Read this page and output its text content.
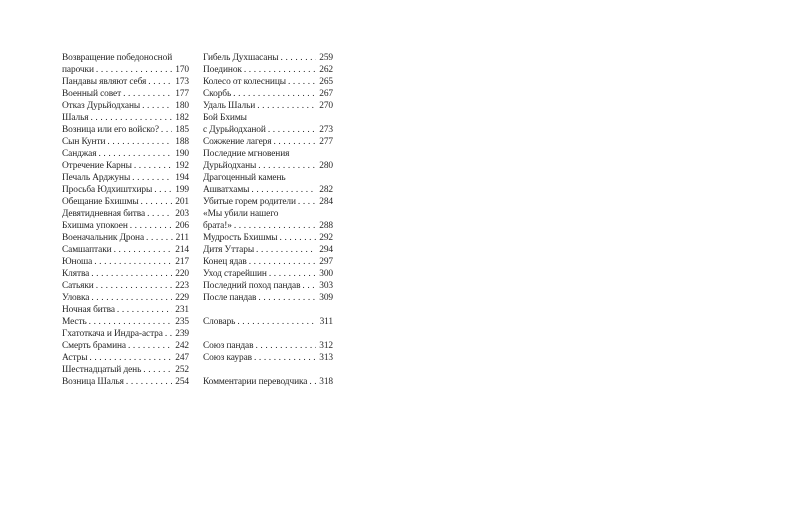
Возвращение победоносной
парочки .....	170
Пандавы являют себя .....	173
Военный совет .....	177
Отказ Дурьйодханы .....	180
Шалья .....	182
Возница или его войско? ..... 185
Сын Кунти .....	188
Санджая .....	190
Отречение Карны .....	192
Печаль Арджуны .....	194
Просьба Юдхиштхиры ..... 199
Обещание Бхишмы .....	201
Девятидневная битва .....	203
Бхишма упокоен .....	206
Военачальник Дрона .....	211
Самшаптаки .....	214
Юноша .....	217
Клятва .....	220
Сатьяки .....	223
Уловка .....	229
Ночная битва .....	231
Месть .....	235
Гхатоткача и Индра-астра ..... 239
Смерть брамина .....	242
Астры .....	247
Шестнадцатый день .....	252
Возница Шалья .....	254
Гибель Духшасаны .....	259
Поединок .....	262
Колесо от колесницы .....	265
Скорбь .....	267
Удаль Шальи .....	270
Бой Бхимы
с Дурьйодханой .....	273
Сожжение лагеря .....	277
Последние мгновения
Дурьйодханы .....	280
Драгоценный камень
Ашватхамы .....	282
Убитые горем родители ..... 284
«Мы убили нашего
брата!» .....	288
Мудрость Бхишмы .....	292
Дитя Уттары .....	294
Конец ядав .....	297
Уход старейшин .....	300
Последний поход пандав ..... 303
После пандав .....	309
Словарь .....	311
Союз пандав .....	312
Союз каурав .....	313
Комментарии переводчика ..... 318
